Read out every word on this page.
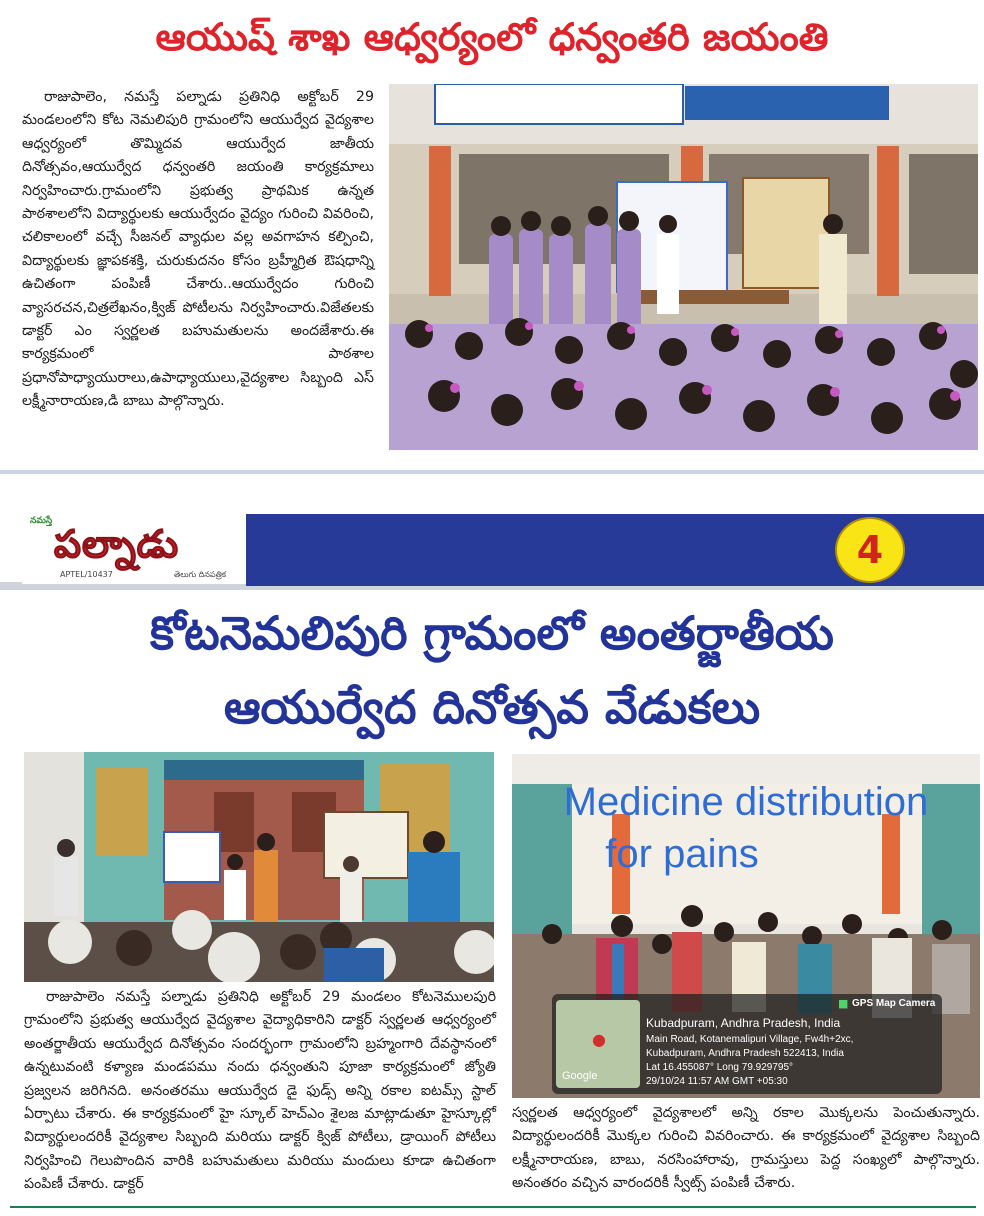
ఆయుష్ శాఖ ఆధ్వర్యంలో ధన్వంతరి జయంతి
రాజుపాలెం, నమస్తే పల్నాడు ప్రతినిధి అక్టోబర్ 29 మండలంలోని కోట నెమలిపురి గ్రామంలోని ఆయుర్వేద వైద్యశాల ఆధ్వర్యంలో తొమ్మిదవ ఆయుర్వేద జాతీయ దినోత్సవం,ఆయుర్వేద ధన్వంతరి జయంతి కార్యక్రమాలు నిర్వహించారు.గ్రామంలోని ప్రభుత్వ ప్రాథమిక ఉన్నత పాఠశాలలోని విద్యార్థులకు ఆయుర్వేదం వైద్యం గురించి వివరించి, చలికాలంలో వచ్చే సీజనల్ వ్యాధుల వల్ల అవగాహన కల్పించి, విద్యార్థులకు జ్ఞాపకశక్తి, చురుకుదనం కోసం బ్రహ్మీగ్రిత ఔషధాన్ని ఉచితంగా పంపిణీ చేశారు..ఆయుర్వేదం గురించి వ్యాసరచన,చిత్రలేఖనం,క్విజ్ పోటీలను నిర్వహించారు.విజేతలకు డాక్టర్ ఎం స్వర్ణలత బహుమతులను అందజేశారు.ఈ కార్యక్రమంలో పాఠశాల ప్రధానోపాధ్యాయురాలు,ఉపాధ్యాయులు,వైద్యశాల సిబ్బంది ఎస్ లక్ష్మీనారాయణ,డి బాబు పాల్గొన్నారు.
నమస్తే
పల్నాడు
APTEL/10437	తెలుగు దినపత్రిక
4
కోటనెమలిపురి గ్రామంలో అంతర్జాతీయ
ఆయుర్వేద దినోత్సవ వేడుకలు
Medicine distribution
for pains
●
Google
■ GPS Map Camera
Kubadpuram, Andhra Pradesh, India
Main Road, Kotanemalipuri Village, Fw4h+2xc,
Kubadpuram, Andhra Pradesh 522413, India
Lat 16.455087° Long 79.929795°
29/10/24 11:57 AM GMT +05:30
రాజుపాలెం నమస్తే పల్నాడు ప్రతినిధి అక్టోబర్ 29 మండలం కోటనెములపురి గ్రామంలోని ప్రభుత్వ ఆయుర్వేద వైద్యశాల వైద్యాధికారిని డాక్టర్ స్వర్ణలత ఆధ్వర్యంలో అంతర్జాతీయ ఆయుర్వేద దినోత్సవం సందర్భంగా గ్రామంలోని బ్రహ్మంగారి దేవస్థానంలో ఉన్నటువంటి కళ్యాణ మండపము నందు ధన్వంతుని పూజా కార్యక్రమంలో జ్యోతి ప్రజ్వలన జరిగినది. అనంతరము ఆయుర్వేద డై ఫుడ్స్ అన్ని రకాల ఐటమ్స్ స్టాల్ ఏర్పాటు చేశారు. ఈ కార్యక్రమంలో హై స్కూల్ హెచ్ఎం శైలజ మాట్లాడుతూ హైస్కూల్లో విద్యార్థులందరికీ వైద్యశాల సిబ్బంది మరియు డాక్టర్ క్విజ్ పోటీలు, డ్రాయింగ్ పోటీలు నిర్వహించి గెలుపొందిన వారికి బహుమతులు మరియు మందులు కూడా ఉచితంగా పంపిణీ చేశారు. డాక్టర్
స్వర్ణలత ఆధ్వర్యంలో వైద్యశాలలో అన్ని రకాల మొక్కలను పెంచుతున్నారు. విద్యార్థులందరికీ మొక్కల గురించి వివరించారు. ఈ కార్యక్రమంలో వైద్యశాల సిబ్బంది లక్ష్మీనారాయణ, బాబు, నరసింహారావు, గ్రామస్తులు పెద్ద సంఖ్యలో పాల్గొన్నారు. అనంతరం వచ్చిన వారందరికీ స్వీట్స్ పంపిణీ చేశారు.
